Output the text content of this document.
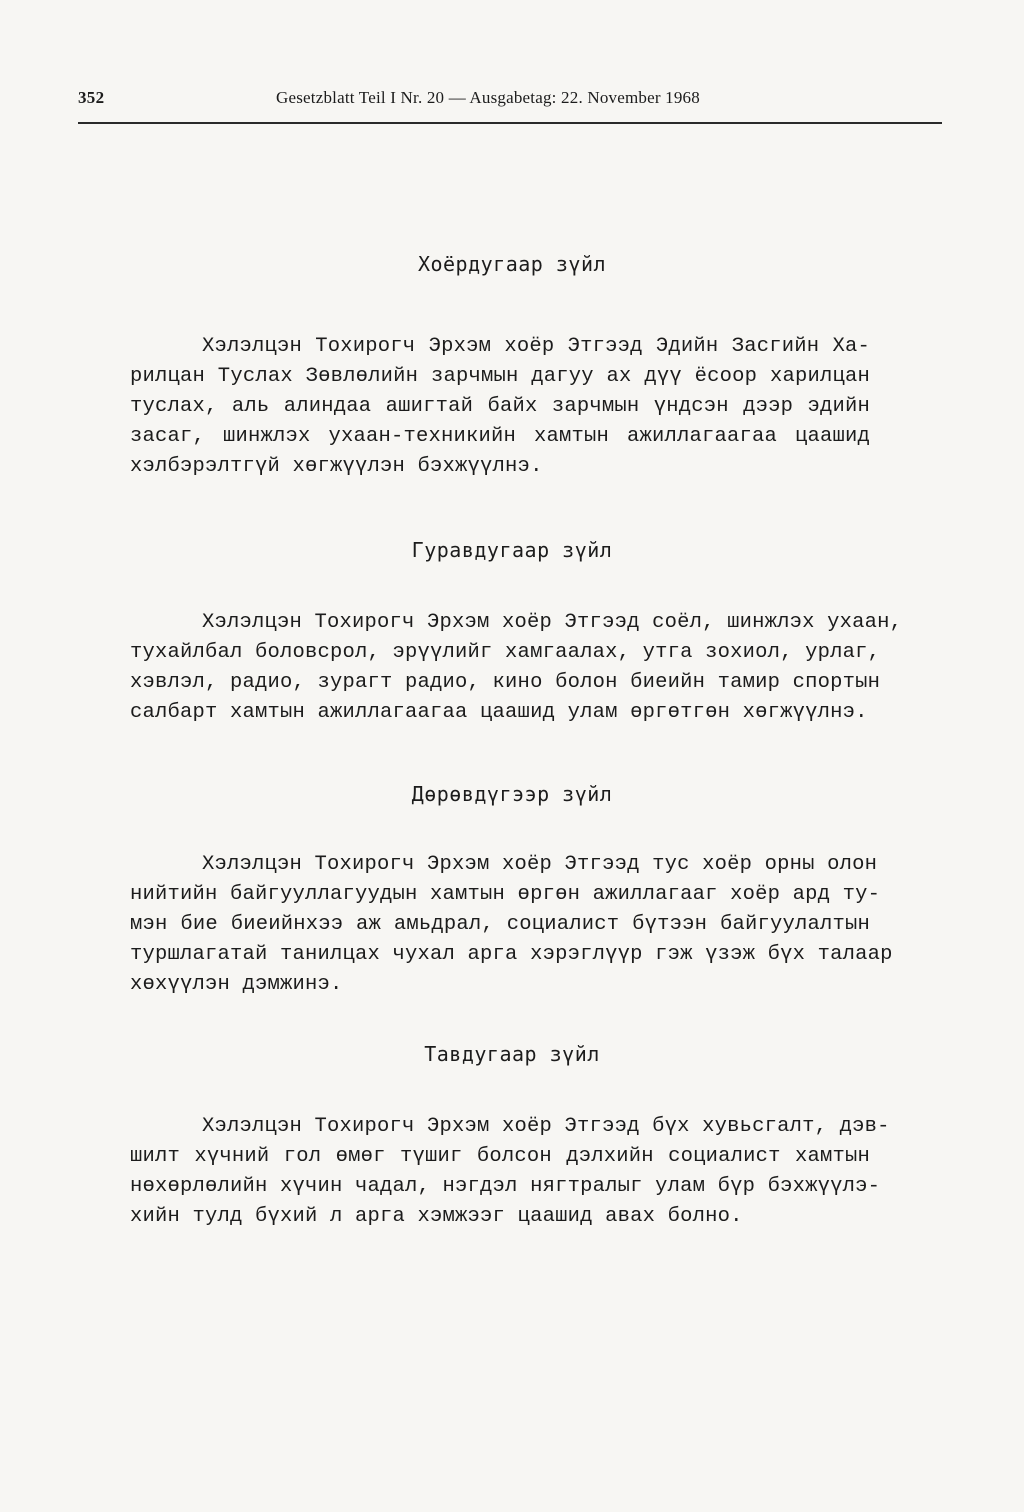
352	Gesetzblatt Teil I Nr. 20 — Ausgabetag: 22. November 1968
Хоёрдугаар зүйл
Хэлэлцэн Тохирогч Эрхэм хоёр Этгээд Эдийн Засгийн Ха-
рилцан Туслах Зөвлөлийн зарчмын дагуу ах дүү ёсоор харилцан
туслах, аль алиндаа ашигтай байх зарчмын үндсэн дээр эдийн
засаг, шинжлэх ухаан-техникийн хамтын ажиллагаагаа цаашид
хэлбэрэлтгүй хөгжүүлэн бэхжүүлнэ.
Гуравдугаар зүйл
Хэлэлцэн Тохирогч Эрхэм хоёр Этгээд соёл, шинжлэх ухаан,
тухайлбал боловсрол, эрүүлийг хамгаалах, утга зохиол, урлаг,
хэвлэл, радио, зурагт радио, кино болон биеийн тамир спортын
салбарт хамтын ажиллагаагаа цаашид улам өргөтгөн хөгжүүлнэ.
Дөрөвдүгээр зүйл
Хэлэлцэн Тохирогч Эрхэм хоёр Этгээд тус хоёр орны олон
нийтийн байгууллагуудын хамтын өргөн ажиллагааг хоёр ард ту-
мэн бие биеийнхээ аж амьдрал, социалист бүтээн байгуулалтын
туршлагатай танилцах чухал арга хэрэглүүр гэж үзэж бүх талаар
хөхүүлэн дэмжинэ.
Тавдугаар зүйл
Хэлэлцэн Тохирогч Эрхэм хоёр Этгээд бүх хувьсгалт, дэв-
шилт хүчний гол өмөг түшиг болсон дэлхийн социалист хамтын
нөхөрлөлийн хүчин чадал, нэгдэл нягтралыг улам бүр бэхжүүлэ-
хийн тулд бүхий л арга хэмжээг цаашид авах болно.
